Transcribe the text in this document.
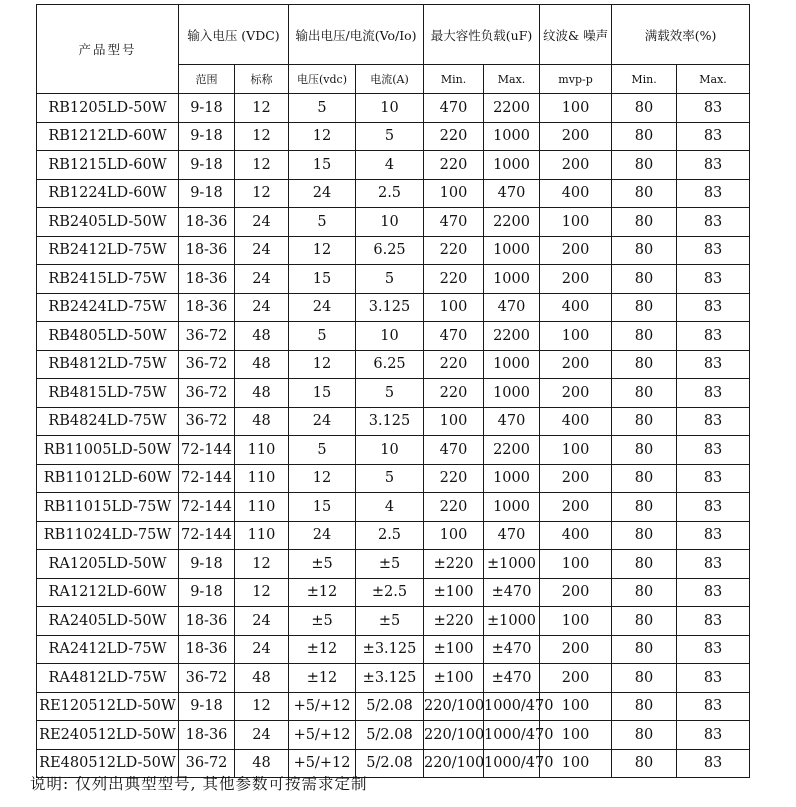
产品型号	输入电压 (VDC)		输出电压/电流(Vo/Io)		最大容性负载(uF)		纹波& 噪声	满载效率(%)	
	范围	标称	电压(vdc)	电流(A)	Min.	Max.	mvp-p	Min.	Max.
RB1205LD-50W	9-18	12	5	10	470	2200	100	80	83
RB1212LD-60W	9-18	12	12	5	220	1000	200	80	83
RB1215LD-60W	9-18	12	15	4	220	1000	200	80	83
RB1224LD-60W	9-18	12	24	2.5	100	470	400	80	83
RB2405LD-50W	18-36	24	5	10	470	2200	100	80	83
RB2412LD-75W	18-36	24	12	6.25	220	1000	200	80	83
RB2415LD-75W	18-36	24	15	5	220	1000	200	80	83
RB2424LD-75W	18-36	24	24	3.125	100	470	400	80	83
RB4805LD-50W	36-72	48	5	10	470	2200	100	80	83
RB4812LD-75W	36-72	48	12	6.25	220	1000	200	80	83
RB4815LD-75W	36-72	48	15	5	220	1000	200	80	83
RB4824LD-75W	36-72	48	24	3.125	100	470	400	80	83
RB11005LD-50W	72-144	110	5	10	470	2200	100	80	83
RB11012LD-60W	72-144	110	12	5	220	1000	200	80	83
RB11015LD-75W	72-144	110	15	4	220	1000	200	80	83
RB11024LD-75W	72-144	110	24	2.5	100	470	400	80	83
RA1205LD-50W	9-18	12	±5	±5	±220	±1000	100	80	83
RA1212LD-60W	9-18	12	±12	±2.5	±100	±470	200	80	83
RA2405LD-50W	18-36	24	±5	±5	±220	±1000	100	80	83
RA2412LD-75W	18-36	24	±12	±3.125	±100	±470	200	80	83
RA4812LD-75W	36-72	48	±12	±3.125	±100	±470	200	80	83
RE120512LD-50W	9-18	12	+5/+12	5/2.08	220/100	1000/470	100	80	83
RE240512LD-50W	18-36	24	+5/+12	5/2.08	220/100	1000/470	100	80	83
RE480512LD-50W	36-72	48	+5/+12	5/2.08	220/100	1000/470	100	80	83
说明: 仅列出典型型号, 其他参数可按需求定制
